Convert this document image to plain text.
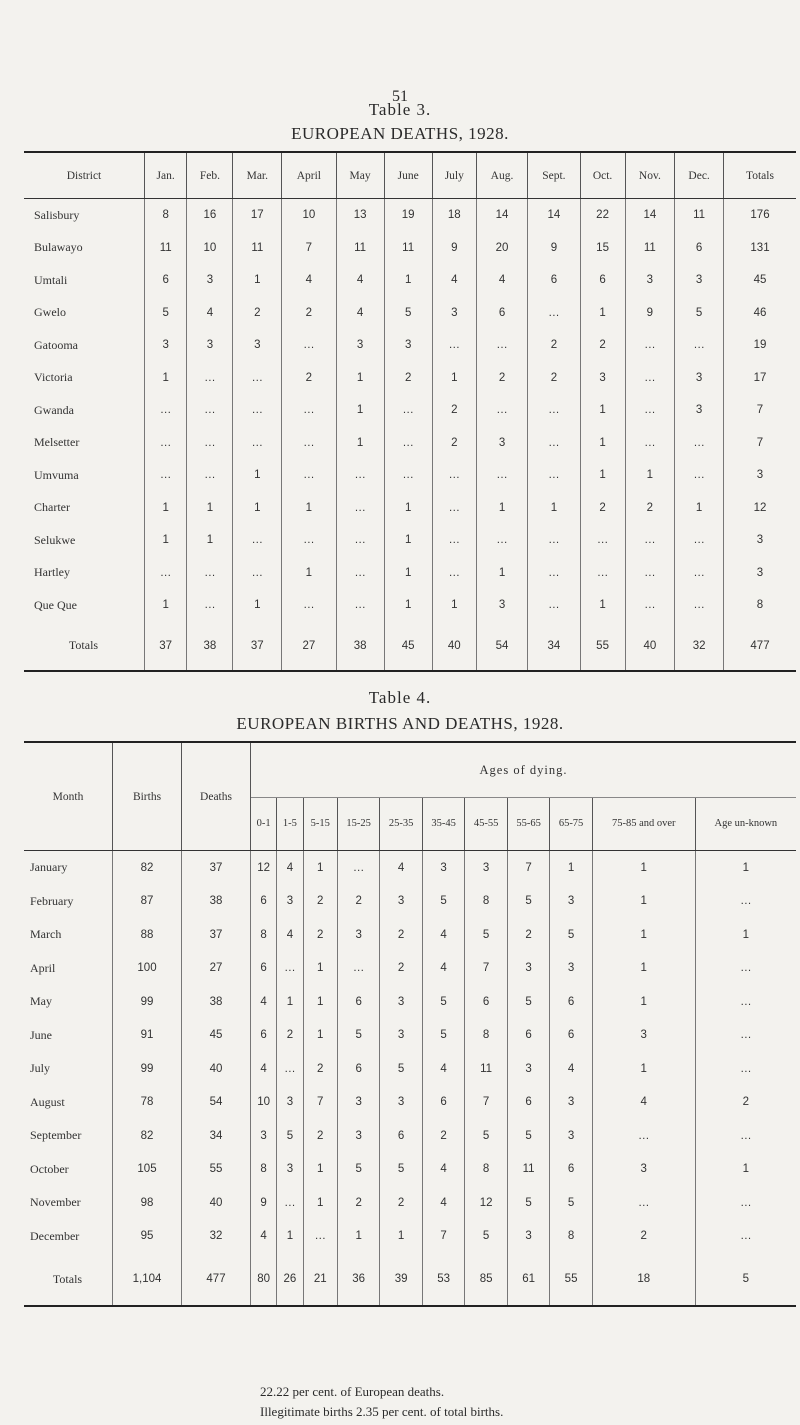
51
Table 3.
District	Jan.	Feb.	Mar.	April	May	June	July	Aug.	Sept.	Oct.	Nov.	Dec.	Totals
Salisbury	8	16	17	10	13	19	18	14	14	22	14	11	176
Bulawayo	11	10	11	7	11	11	9	20	9	15	11	6	131
Umtali	6	3	1	4	4	1	4	4	6	6	3	3	45
Gwelo	5	4	2	2	4	5	3	6	…	1	9	5	46
Gatooma	3	3	3	…	3	3	…	…	2	2	…	…	19
Victoria	1	…	…	2	1	2	1	2	2	3	…	3	17
Gwanda	…	…	…	…	1	…	2	…	…	1	…	3	7
Melsetter	…	…	…	…	1	…	2	3	…	1	…	…	7
Umvuma	…	…	1	…	…	…	…	…	…	1	1	…	3
Charter	1	1	1	1	…	1	…	1	1	2	2	1	12
Selukwe	1	1	…	…	…	1	…	…	…	…	…	…	3
Hartley	…	…	…	1	…	1	…	1	…	…	…	…	3
Que Que	1	…	1	…	…	1	1	3	…	1	…	…	8
Totals	37	38	37	27	38	45	40	54	34	55	40	32	477
Table 4.
Month	Births	Deaths	Ages of dying.										
			0-1	1-5	5-15	15-25	25-35	35-45	45-55	55-65	65-75	75-85 and over	Age un-known
January	82	37	12	4	1	…	4	3	3	7	1	1	1
February	87	38	6	3	2	2	3	5	8	5	3	1	…
March	88	37	8	4	2	3	2	4	5	2	5	1	1
April	100	27	6	…	1	…	2	4	7	3	3	1	…
May	99	38	4	1	1	6	3	5	6	5	6	1	…
June	91	45	6	2	1	5	3	5	8	6	6	3	…
July	99	40	4	…	2	6	5	4	11	3	4	1	…
August	78	54	10	3	7	3	3	6	7	6	3	4	2
September	82	34	3	5	2	3	6	2	5	5	3	…	…
October	105	55	8	3	1	5	5	4	8	11	6	3	1
November	98	40	9	…	1	2	2	4	12	5	5	…	…
December	95	32	4	1	…	1	1	7	5	3	8	2	…
Totals	1,104	477	80	26	21	36	39	53	85	61	55	18	5
22.22 per cent. of European deaths.
Illegitimate births 2.35 per cent. of total births.
EUROPEAN DEATHS, 1928.
EUROPEAN BIRTHS AND DEATHS, 1928.
